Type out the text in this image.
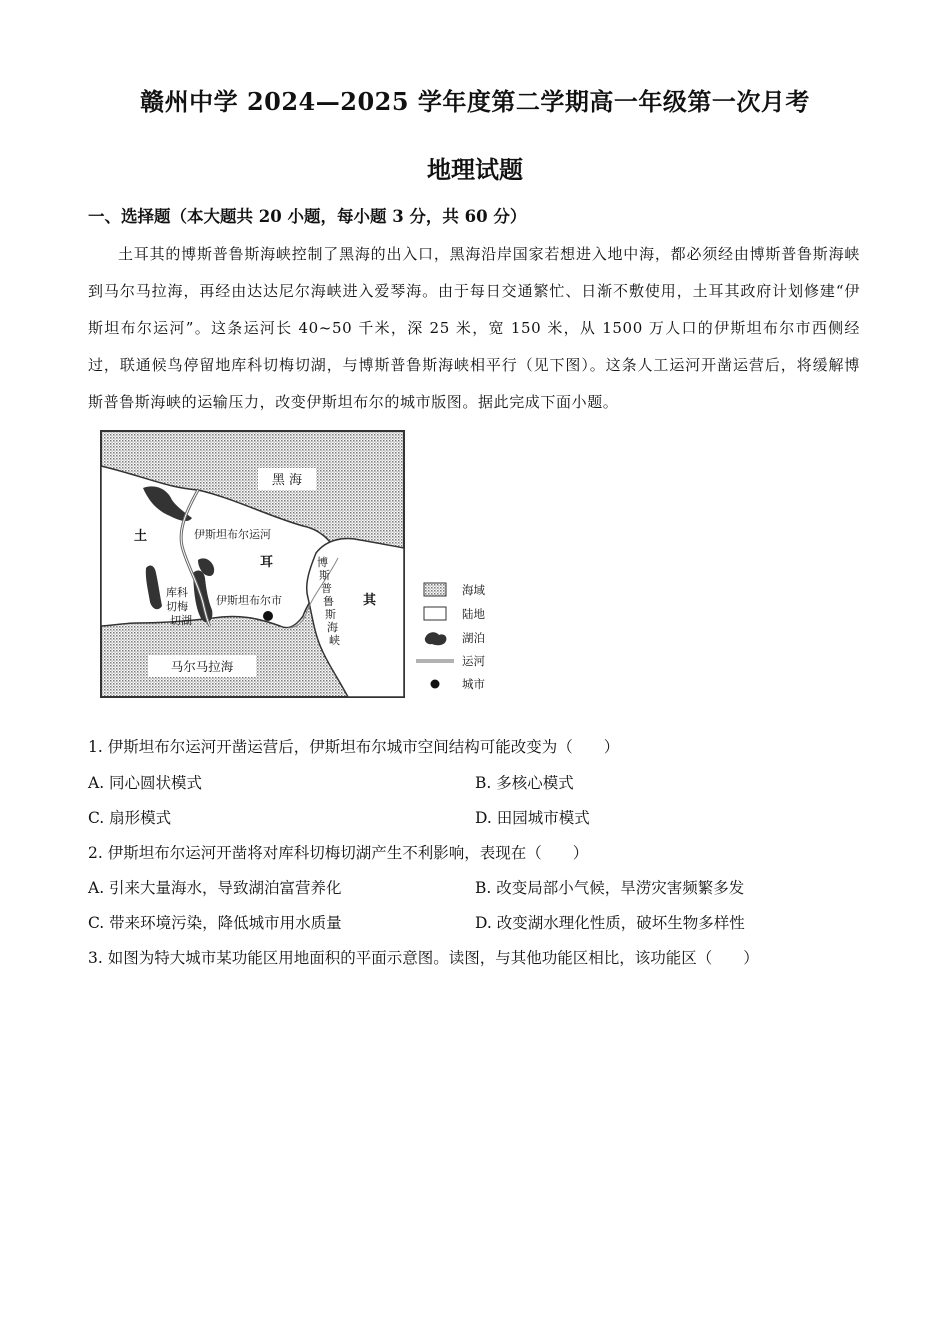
赣州中学 2024—2025 学年度第二学期高一年级第一次月考
地理试题
一、选择题（本大题共 20 小题，每小题 3 分，共 60 分）
土耳其的博斯普鲁斯海峡控制了黑海的出入口，黑海沿岸国家若想进入地中海，都必须经由博斯普鲁斯海峡到马尔马拉海，再经由达达尼尔海峡进入爱琴海。由于每日交通繁忙、日渐不敷使用，土耳其政府计划修建“伊斯坦布尔运河”。这条运河长 40~50 千米，深 25 米，宽 150 米，从 1500 万人口的伊斯坦布尔市西侧经过，联通候鸟停留地库科切梅切湖，与博斯普鲁斯海峡相平行（见下图）。这条人工运河开凿运营后，将缓解博斯普鲁斯海峡的运输压力，改变伊斯坦布尔的城市版图。据此完成下面小题。
黑 海
马尔马拉海
土
耳
其
伊斯坦布尔运河
伊斯坦布尔市
库科
切梅
切湖
博
斯
普
鲁
斯
海
峡
海域
陆地
湖泊
运河
城市
1. 伊斯坦布尔运河开凿运营后，伊斯坦布尔城市空间结构可能改变为（　　）
A. 同心圆状模式	B. 多核心模式
C. 扇形模式	D. 田园城市模式
2. 伊斯坦布尔运河开凿将对库科切梅切湖产生不利影响，表现在（　　）
A. 引来大量海水，导致湖泊富营养化	B. 改变局部小气候，旱涝灾害频繁多发
C. 带来环境污染，降低城市用水质量	D. 改变湖水理化性质，破坏生物多样性
3. 如图为特大城市某功能区用地面积的平面示意图。读图，与其他功能区相比，该功能区（　　）
